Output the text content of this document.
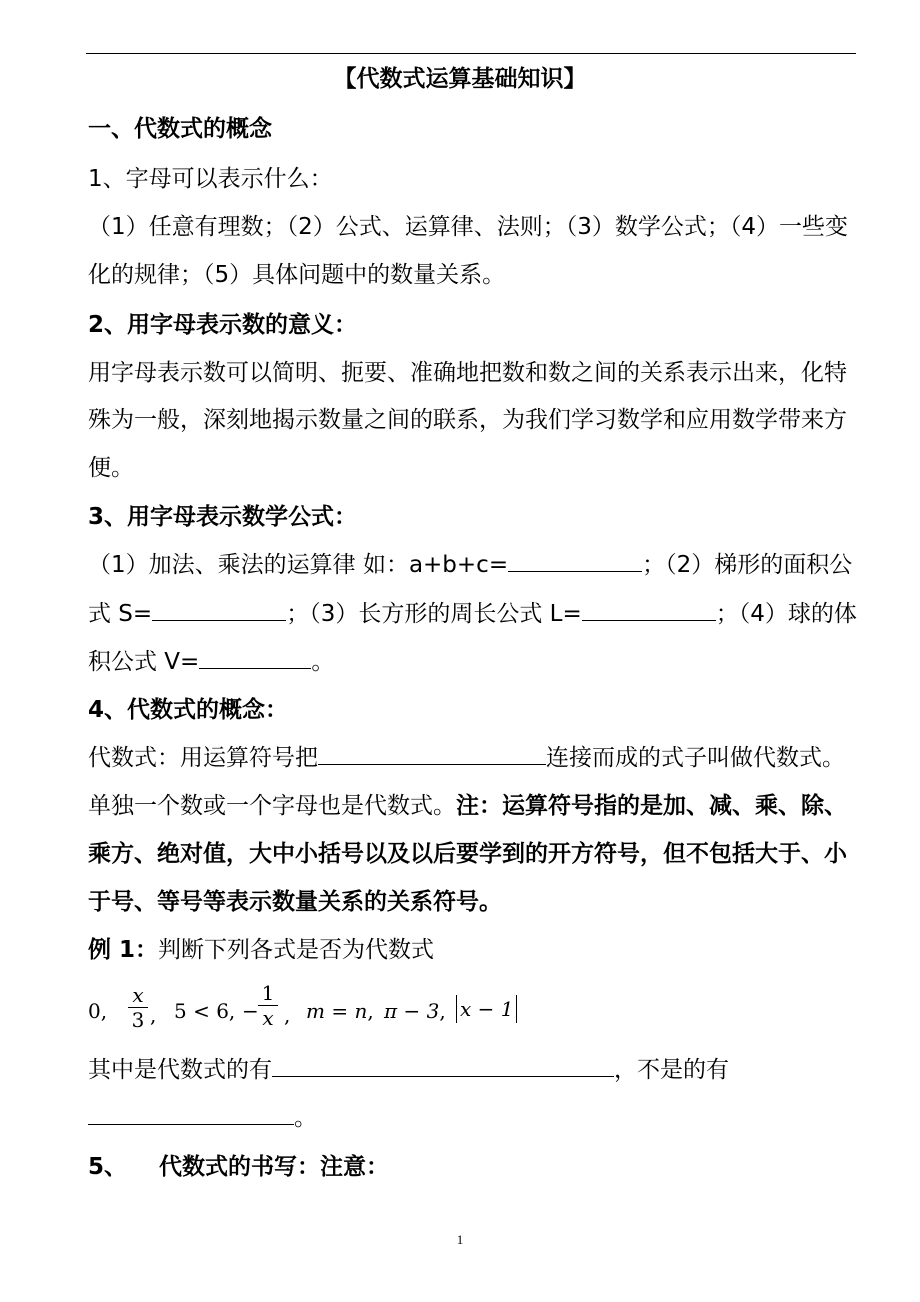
【代数式运算基础知识】
一、代数式的概念
1、字母可以表示什么：
（1）任意有理数；（2）公式、运算律、法则；（3）数学公式；（4）一些变
化的规律；（5）具体问题中的数量关系。
2、用字母表示数的意义：
用字母表示数可以简明、扼要、准确地把数和数之间的关系表示出来，化特
殊为一般，深刻地揭示数量之间的联系，为我们学习数学和应用数学带来方
便。
3、用字母表示数学公式：
（1）加法、乘法的运算律 如：a+b+c=	；（2）梯形的面积公
式 S=	；（3）长方形的周长公式 L=	；（4）球的体
积公式 V=	。
4、代数式的概念：
代数式：用运算符号把	连接而成的式子叫做代数式。
单独一个数或一个字母也是代数式。注：运算符号指的是加、减、乘、除、
乘方、绝对值，大中小括号以及以后要学到的开方符号，但不包括大于、小
于号、等号等表示数量关系的关系符号。
例 1：判断下列各式是否为代数式
0, $\frac{x}{3}$ , 5 < 6, − $\frac{1}{x}$ , m = n, π − 3, x − 1
其中是代数式的有	，不是的有
。
5、    代数式的书写：注意：
1
